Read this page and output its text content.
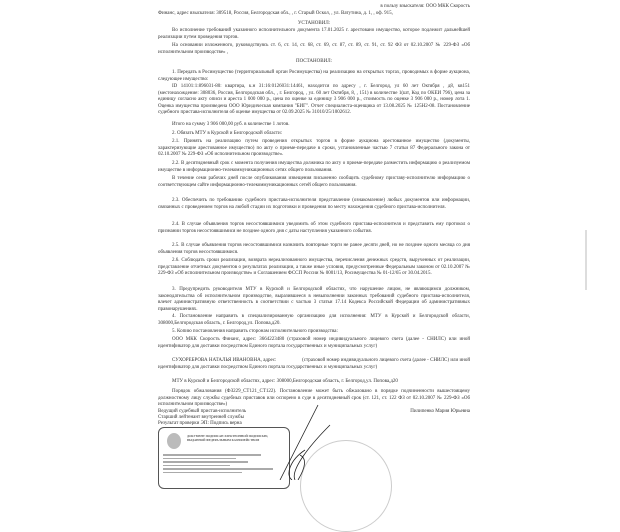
в пользу взыскателя: ООО МКК Скорость
Финанс, адрес взыскателя: 309518, Россия, Белгородская обл., , г. Старый Оскол, , ул. Ватутина, д. 1, , оф. 915,
УСТАНОВИЛ:
Во исполнение требований указанного исполнительного документа 17.01.2025 г. арестовано имущество, которое подлежит дальнейшей реализации путем проведения торгов.
На основании изложенного, руководствуясь ст. 6, ст. 14, ст. 68, ст. 69, ст. 87, ст. 89, ст. 91, ст. 92 ФЗ от 02.10.2007 № 229-ФЗ «Об исполнительном производстве» ,
ПОСТАНОВИЛ:
1. Передать в Росимущество (территориальный орган Росимущества) на реализацию на открытых торгах, проводимых в форме аукциона, следующее имущество:
ID 14101:1:896031-80: квартира, к.н 31:16:0126031:14461, находится по адресу , г. Белгород, ул 60 лет Октября , д8, кв151 (местонахождение: 308036, Россия, Белгородская обл., , г. Белгород, , ул. 60 лет Октября, 8, , 151) в количестве 1(шт, Код по ОКЕИ 796), цена за единицу согласно акту описи и ареста 1 000 000 р., цена по оценке за единицу 3 906 000 р., стоимость по оценке 3 906 000 р., номер лота 1. Оценка имущества произведена ООО Юридическая компания "БИГ". Отчет специалиста-оценщика от 13.08.2025 № 125Н2-08. Постановление судебного пристава-исполнителя об оценке имущества от 02.09.2025 № 31010/25/1002612.
Итого на сумму 3 906 000,00 руб. в количестве 1 лотов.
2. Обязать МТУ в Курской и Белгородской области:
2.1. Принять на реализацию путем проведения открытых торгов в форме аукциона арестованное имущество (документы, характеризующие арестованное имущество) по акту о приеме-передаче в сроки, установленные частью 7 статьи 87 Федерального закона от 02.10.2007 № 229-ФЗ «Об исполнительном производстве».
2.2. В десятидневный срок с момента получения имущества должника по акту о приеме-передаче разместить информацию о реализуемом имуществе в информационно-телекоммуникационных сетях общего пользования.
В течение семи рабочих дней после опубликования извещения письменно сообщить судебному приставу-исполнителю информацию о соответствующем сайте информационно-телекоммуникационных сетей общего пользования.
2.3. Обеспечить по требованию судебного пристава-исполнителя представление (ознакомление) любых документов или информации, связанных с проведением торгов на любой стадии их подготовки и проведения по месту нахождения судебного пристава-исполнителя.
2.4. В случае объявления торгов несостоявшимися уведомить об этом судебного пристава-исполнителя и представить ему протокол о признании торгов несостоявшимися не позднее одного дня с даты наступления указанного события.
2.5. В случае объявления торгов несостоявшимися назначить повторные торги не ранее десяти дней, но не позднее одного месяца со дня объявления торгов несостоявшимися.
2.6. Соблюдать сроки реализации, возврата нереализованного имущества, перечисления денежных средств, вырученных от реализации, представление отчетных документов о результатах реализации, а также иные условия, предусмотренные Федеральным законом от 02.10.2007 № 229-ФЗ «Об исполнительном производстве» и Соглашением ФССП России № 0001/13, Росимущества № 01-12/65 от 30.04.2015.
3. Предупредить руководителя МТУ в Курской и Белгородской областях, что нарушение лицом, не являющимся должником, законодательства об исполнительном производстве, выразившееся в невыполнении законных требований судебного пристава-исполнителя, влечет административную ответственность в соответствии с частью 3 статьи 17.14 Кодекса Российской Федерации об административных правонарушениях.
4. Постановление направить в специализированную организацию для исполнения: МТУ в Курской и Белгородской области, 308000,Белгородская область, г. Белгород,ул. Попова,д20.
5. Копию постановления направить сторонам исполнительного производства:
ООО МКК Скорость Финанс, адрес: 3664223480 (страховой номер индивидуального лицевого счета (далее - СНИЛС) или иной идентификатор для доставки посредством Единого портала государственных и муниципальных услуг)
СУХОРЕБРОВА НАТАЛЬЯ ИВАНОВНА, адрес:                    (страховой номер индивидуального лицевого счета (далее - СНИЛС) или иной идентификатор для доставки посредством Единого портала государственных и муниципальных услуг)
МТУ в Курской и Белгородской областях, адрес: 308000,Белгородская область, г. Белгород,ул. Попова,д20
Порядок обжалования (ФЗ229_СТ121_СТ122). Постановление может быть обжаловано в порядке подчиненности вышестоящему должностному лицу службы судебных приставов или оспорено в суде в десятидневный срок (ст. 121, ст. 122 ФЗ от 02.10.2007 № 229-ФЗ «Об исполнительном производстве»)
Ведущий судебный пристав-исполнитель	Пилипенко Мария Юрьевна
Старший лейтенант внутренней службы
Результат проверки ЭП: Подпись верна
ДОКУМЕНТ ПОДПИСАН ЭЛЕКТРОННОЙ ПОДПИСЬЮ, ВЫДАННОЙ ФЕДЕРАЛЬНЫМ КАЗНАЧЕЙСТВОМ
